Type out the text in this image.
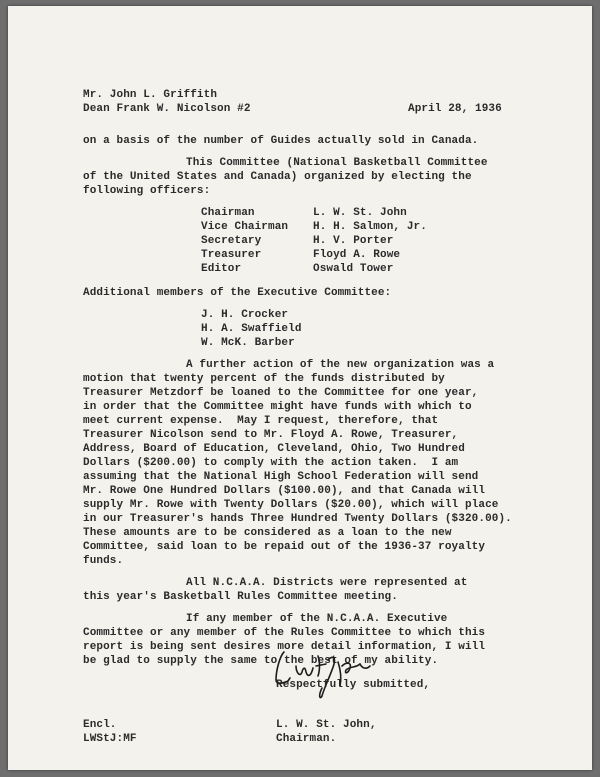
Mr. John L. Griffith
Dean Frank W. Nicolson #2	April 28, 1936
on a basis of the number of Guides actually sold in Canada.
This Committee (National Basketball Committee
of the United States and Canada) organized by electing the
following officers:
Chairman	L. W. St. John
Vice Chairman H. H. Salmon, Jr.
Secretary	H. V. Porter
Treasurer	Floyd A. Rowe
Editor	Oswald Tower
Additional members of the Executive Committee:
J. H. Crocker
H. A. Swaffield
W. McK. Barber
A further action of the new organization was a
motion that twenty percent of the funds distributed by
Treasurer Metzdorf be loaned to the Committee for one year,
in order that the Committee might have funds with which to
meet current expense.  May I request, therefore, that
Treasurer Nicolson send to Mr. Floyd A. Rowe, Treasurer,
Address, Board of Education, Cleveland, Ohio, Two Hundred
Dollars ($200.00) to comply with the action taken.  I am
assuming that the National High School Federation will send
Mr. Rowe One Hundred Dollars ($100.00), and that Canada will
supply Mr. Rowe with Twenty Dollars ($20.00), which will place
in our Treasurer's hands Three Hundred Twenty Dollars ($320.00).
These amounts are to be considered as a loan to the new
Committee, said loan to be repaid out of the 1936-37 royalty
funds.
All N.C.A.A. Districts were represented at
this year's Basketball Rules Committee meeting.
If any member of the N.C.A.A. Executive
Committee or any member of the Rules Committee to which this
report is being sent desires more detail information, I will
be glad to supply the same to the best of my ability.
Respectfully submitted,
L. W. St. John,
Chairman.
Encl.
LWStJ:MF
